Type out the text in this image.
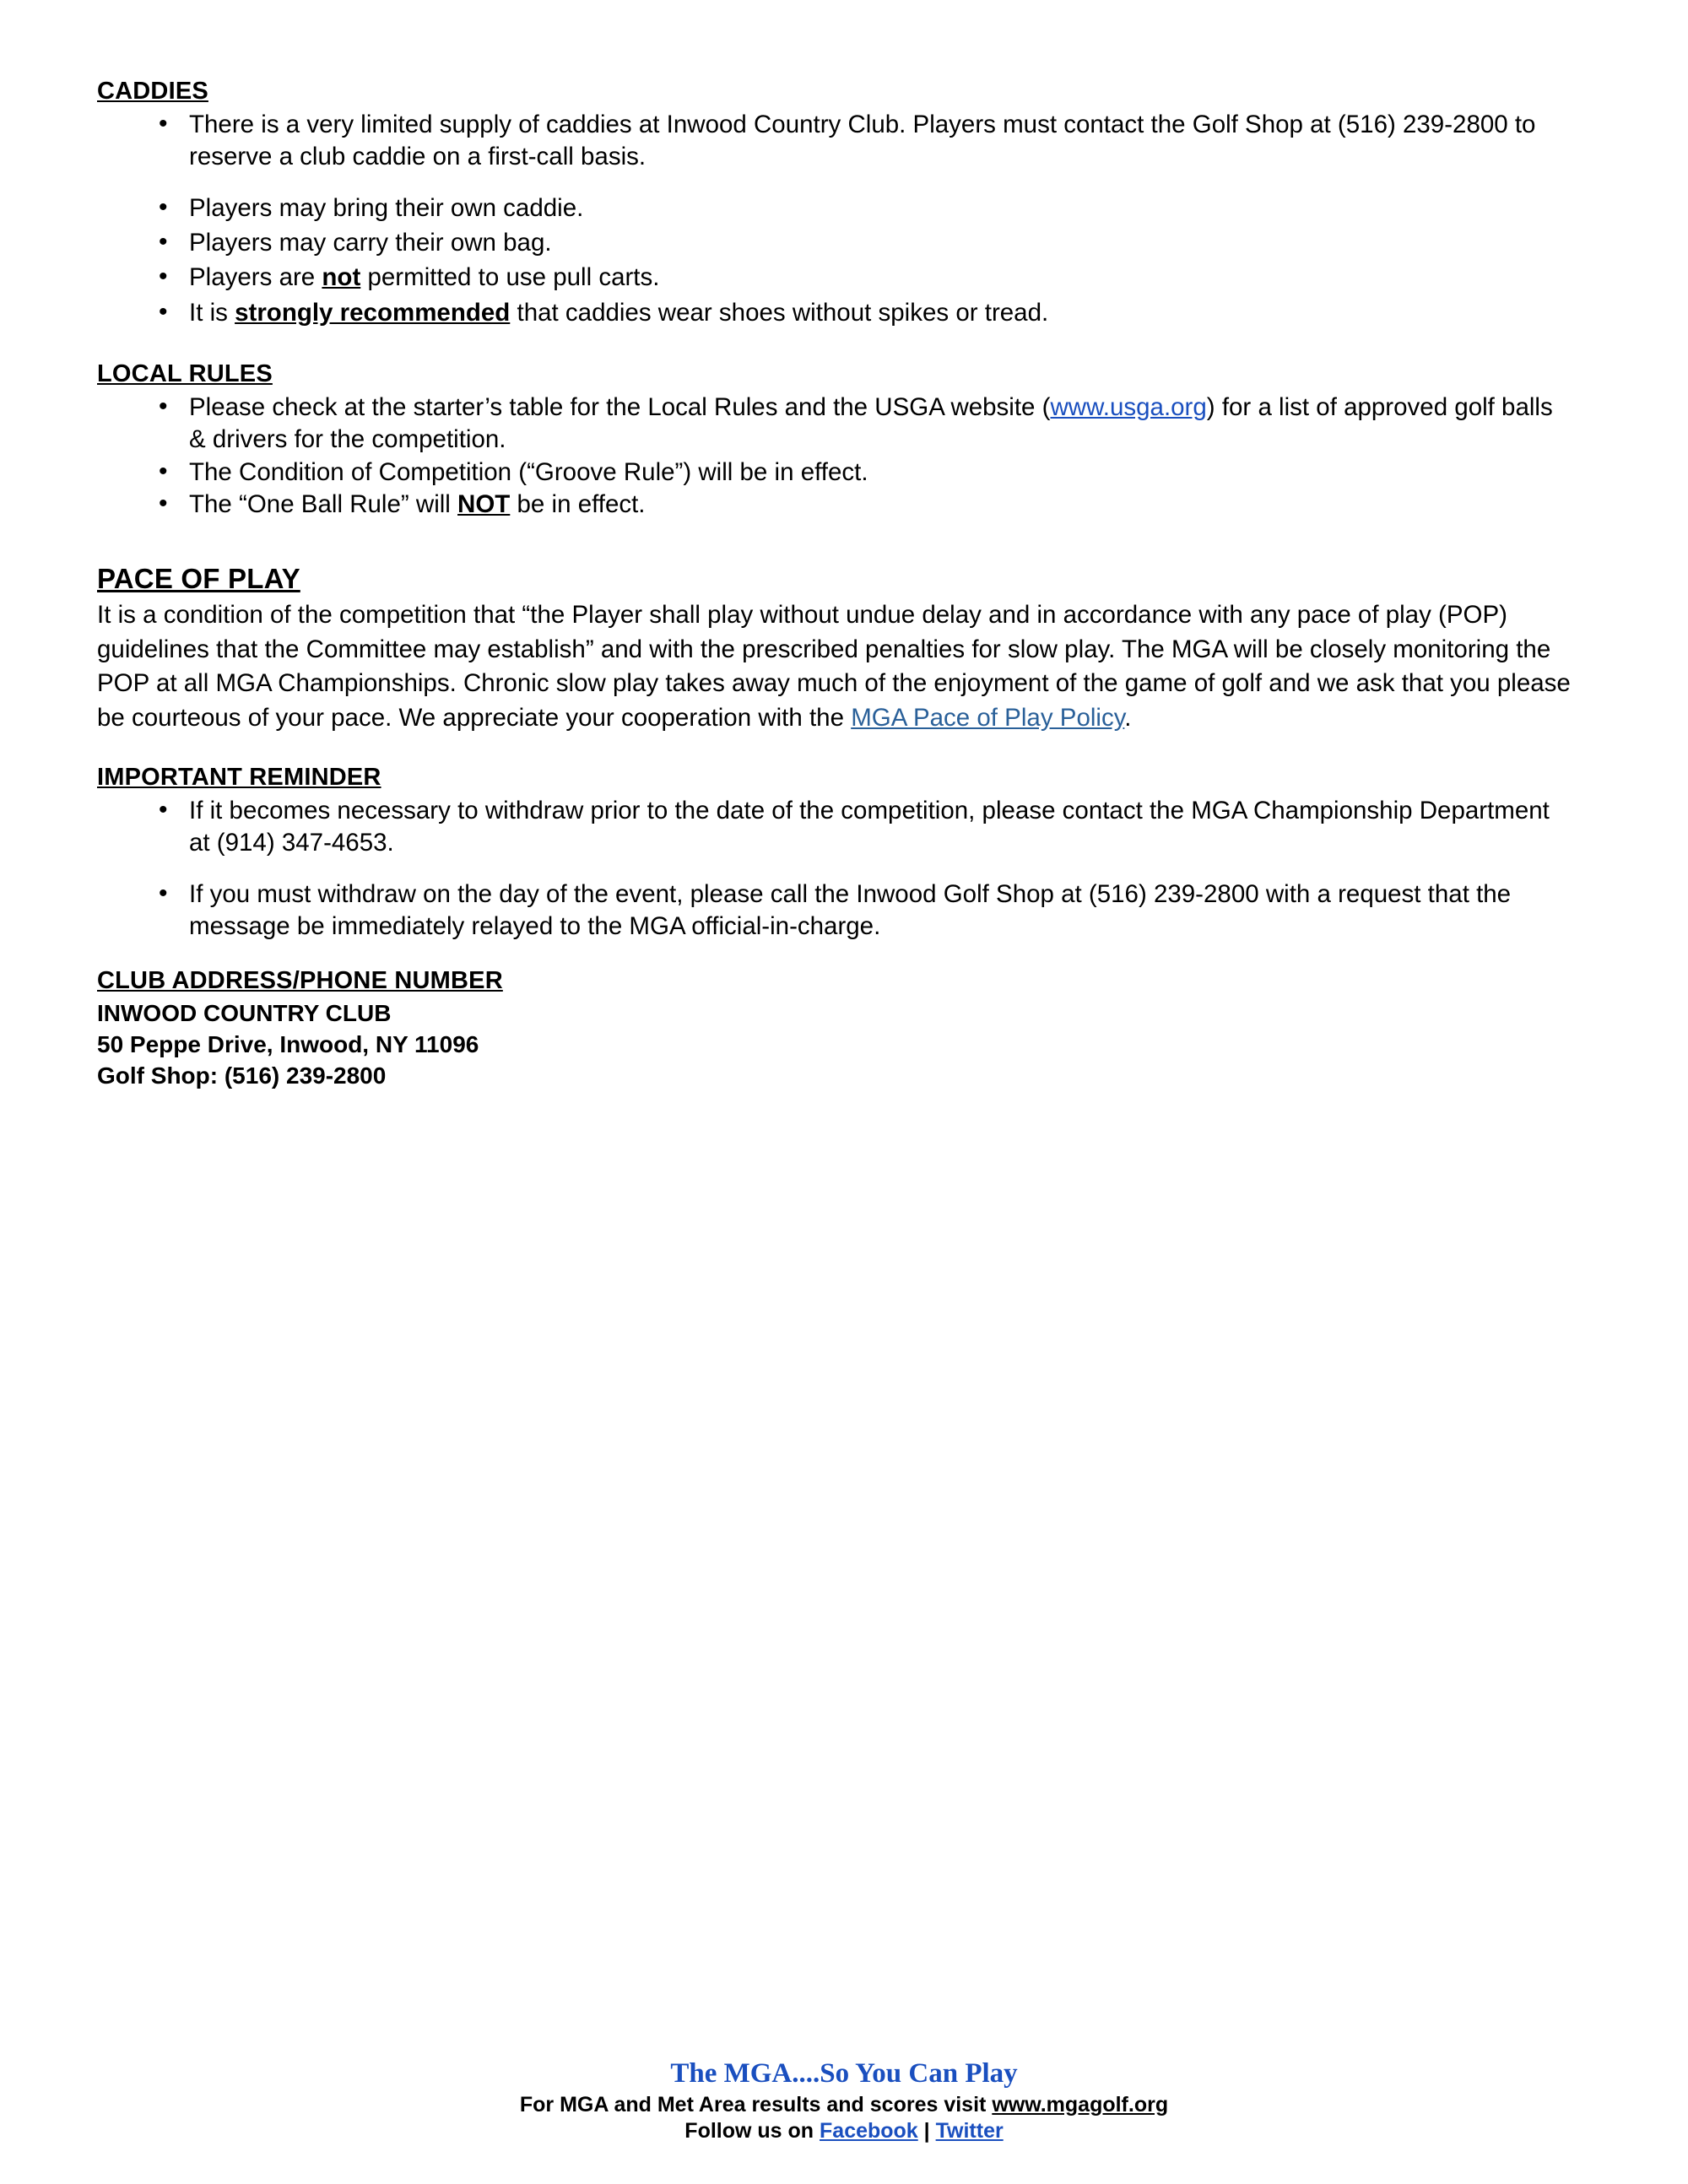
CADDIES
• There is a very limited supply of caddies at Inwood Country Club. Players must contact the Golf Shop at (516) 239-2800 to reserve a club caddie on a first-call basis.
• Players may bring their own caddie.
• Players may carry their own bag.
• Players are not permitted to use pull carts.
• It is strongly recommended that caddies wear shoes without spikes or tread.
LOCAL RULES
• Please check at the starter’s table for the Local Rules and the USGA website (www.usga.org) for a list of approved golf balls & drivers for the competition.
• The Condition of Competition (“Groove Rule”) will be in effect.
• The “One Ball Rule” will NOT be in effect.
PACE OF PLAY

It is a condition of the competition that “the Player shall play without undue delay and in accordance with any pace of play (POP) guidelines that the Committee may establish” and with the prescribed penalties for slow play. The MGA will be closely monitoring the POP at all MGA Championships. Chronic slow play takes away much of the enjoyment of the game of golf and we ask that you please be courteous of your pace. We appreciate your cooperation with the MGA Pace of Play Policy.

IMPORTANT REMINDER
• If it becomes necessary to withdraw prior to the date of the competition, please contact the MGA Championship Department at (914) 347-4653.
• If you must withdraw on the day of the event, please call the Inwood Golf Shop at (516) 239-2800 with a request that the message be immediately relayed to the MGA official-in-charge.
CLUB ADDRESS/PHONE NUMBER
INWOOD COUNTRY CLUB
50 Peppe Drive, Inwood, NY 11096
Golf Shop: (516) 239-2800
The MGA....So You Can Play
For MGA and Met Area results and scores visit www.mgagolf.org
Follow us on Facebook | Twitter
